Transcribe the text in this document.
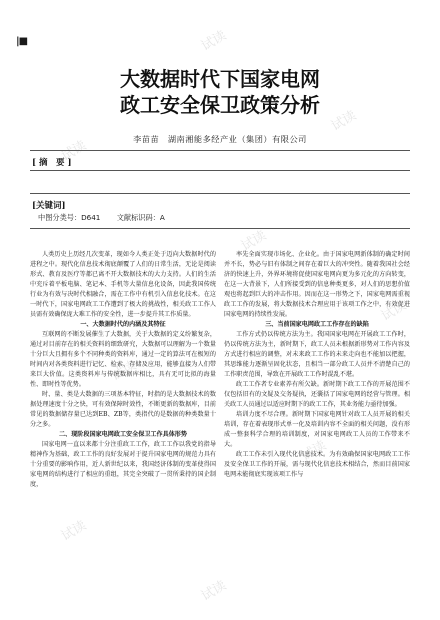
试读
试读
试读
试读
试读
试读
试读
试读
试读
|■
大数据时代下国家电网
政工安全保卫政策分析
李苗苗　湖南湘能多经产业（集团）有限公司
[ 摘　要 ]
[关键词]
中图分类号：D641 文献标识码：A

人类历史上历经几次变革，现如今人类正处于迈向大数据时代的进程之中。现代化信息技术彻底颠覆了人们的日常生活，无论是阅读形式、教育及医疗等都已离不开大数据技术的大力支持。人们的生活中充斥着平板电脑、笔记本、手机等大量信息化设备，因此我国传统行业为有效与决时代相融合，需在工作中有机引入信息化技术。在这一时代下，国家电网政工工作遭到了极大的挑战性，相关政工工作人员需有效确保庞大难工作的安全性，进一步提升其工作质量。

一、大数据时代的内涵及其特征

互联网的不断发展催生了大数据，关于大数据的定义纷繁复杂，通过对目前存在的相关资料的细致研究，大数据可以理解为一个数量十分巨大且拥有多个不同种类的资料库，通过一定的算法可在极短的时间内对各类资料进行记忆、检索、存储及应用，能够直接为人们带来巨大价值。这类资料库与传统数据库相比，具有无可比拟的海量性、即时性等优势。

时、量、类是大数据的三项基本特征，时指的是大数据技术的数据处理速度十分之快，可有效保障时效性，不断更新的数据库，目前常见的数据储存量已达到EB、ZB等，类指代的是数据的种类数量十分之多。

二、现阶段国家电网政工安全保卫工作具体形势

国家电网一直以来都十分注重政工工作，政工工作以我党的指导精神作为基础，政工工作的良好发展对于提升国家电网的规范力具有十分重要的影响作用，近人新世纪以来，我国经济体制的变革使得国家电网的结构进行了相应的重组，其完全突破了一贯所秉持的国企制度，

率先全面实现市场化、企业化。由于国家电网新体制的确定时间并不长，势必与旧有体制之间存在着巨大的冲突性。随着我国社会经济的快速上升，外界环境将促使国家电网向更为多元化的方向转变，在这一大背景下，人们所接受到的信息种类更多，对人们的思想价值观也将起到巨大的冲击作用。因而在这一形势之下，国家电网需重视政工工作的发展，将大数据技术合理应用于该项工作之中，有效促进国家电网的持续性发展。

三、当前国家电网政工工作存在的缺陷

工作方式仍以传统方法为主。我国国家电网在开展政工工作时，仍以传统方法为主，新时期下，政工人员未根据新形势对工作内容及方式进行相应的调整，对未来政工工作的未来走向也不能加以把握，其思维能力逐渐呈固化状态，且相当一部分政工人员并不清楚自己的工作职责范围，导致在开展政工工作时混乱不堪。

政工工作者专业素养有所欠缺。新时期下政工工作的开展范围不仅包括旧有的文疑及交务疑执，还囊括了国家电网的经营与管理。相关政工人员通过以适应时期下的政工工作，其业务能力亟待加强。

培训力度不尽合理。新时期下国家电网针对政工人员开展的相关培训，存在着表现形式单一化及培训内容不全面的相关问题，没有形成一整套科学合理的培训制度，对国家电网政工人员的工作带来不大。

政工工作未引入现代化信息技术。为有效确保国家电网政工工作及安全保卫工作的开展，需与现代化信息技术相结合，然而目前国家电网未能彻底实现该项工作与
